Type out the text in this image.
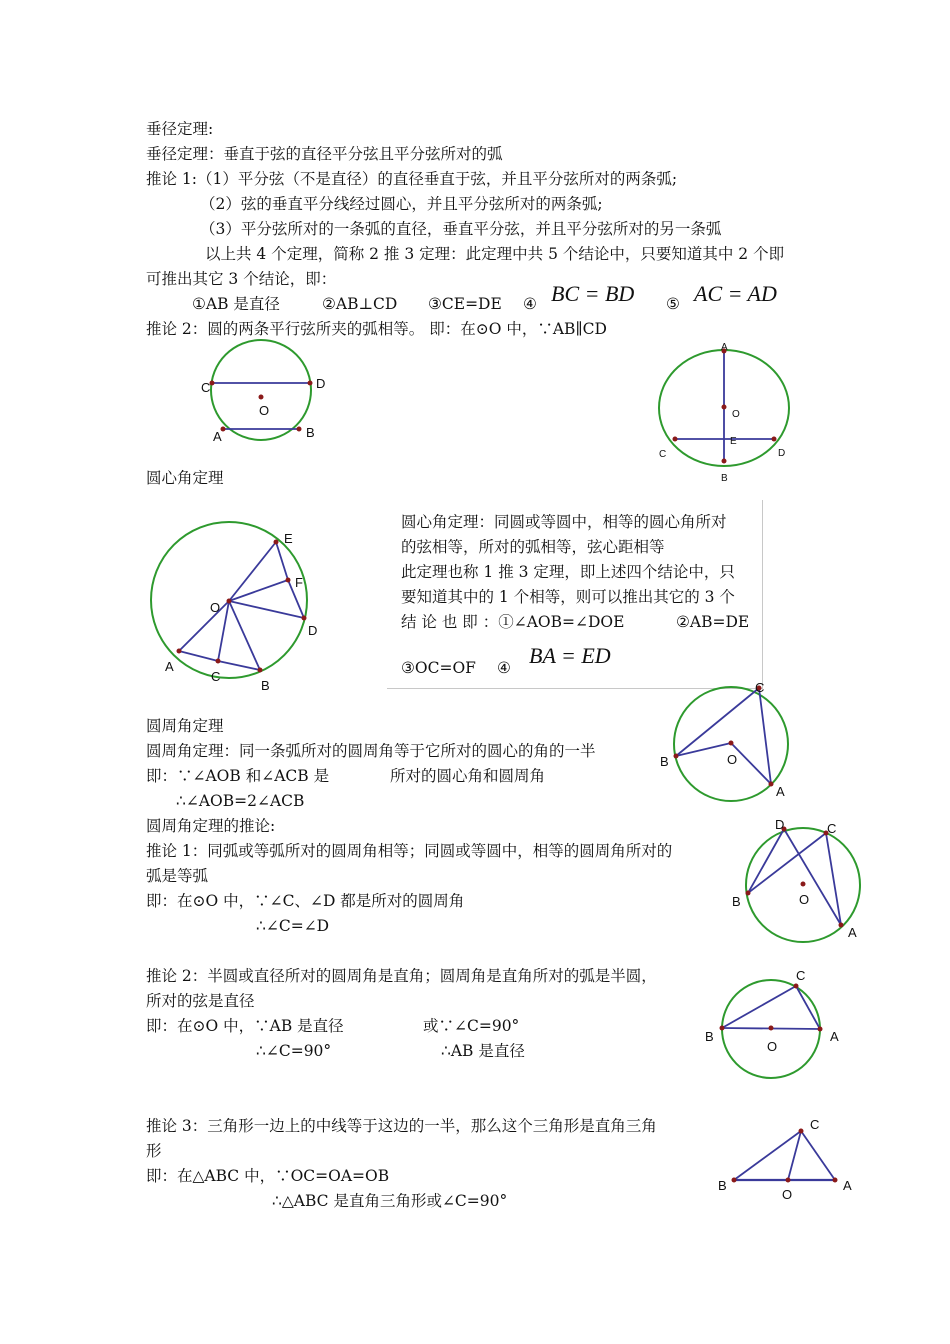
垂径定理:
垂径定理：垂直于弦的直径平分弦且平分弦所对的弧
推论 1:（1）平分弦（不是直径）的直径垂直于弦，并且平分弦所对的两条弧;
（2）弦的垂直平分线经过圆心，并且平分弦所对的两条弧;
（3）平分弦所对的一条弧的直径，垂直平分弦，并且平分弦所对的另一条弧
以上共 4 个定理，简称 2 推 3 定理：此定理中共 5 个结论中，只要知道其中 2 个即
可推出其它 3 个结论，即：
①AB 是直径	②AB⊥CD ③CE=DE ④ BC = BD ⑤ AC = AD
推论 2：圆的两条平行弦所夹的弧相等。 即：在⊙O 中，∵AB∥CD
C	D
O
A	B
A
O
E
C	D
B
圆心角定理
E
F
O
D
A
C
B
圆心角定理：同圆或等圆中，相等的圆心角所对
的弦相等，所对的弧相等，弦心距相等
此定理也称 1 推 3 定理，即上述四个结论中，只
要知道其中的 1 个相等，则可以推出其它的 3 个
结 论 也 即 ：①∠AOB=∠DOE	②AB=DE
③OC=OF ④ BA = ED
圆周角定理
圆周角定理：同一条弧所对的圆周角等于它所对的圆心的角的一半
即：∵∠AOB 和∠ACB 是	所对的圆心角和圆周角
∴∠AOB=2∠ACB
圆周角定理的推论:
推论 1：同弧或等弧所对的圆周角相等；同圆或等圆中，相等的圆周角所对的
弧是等弧
即：在⊙O 中，∵∠C、∠D 都是所对的圆周角
∴∠C=∠D
推论 2：半圆或直径所对的圆周角是直角；圆周角是直角所对的弧是半圆，
所对的弦是直径
即：在⊙O 中，∵AB 是直径	或∵∠C=90°
∴∠C=90°	∴AB 是直径
推论 3：三角形一边上的中线等于这边的一半，那么这个三角形是直角三角
形
即：在△ABC 中，∵OC=OA=OB
∴△ABC 是直角三角形或∠C=90°
C
B	O
A
D	C
B	O
A
C
B	A
O
C
B
O
A
